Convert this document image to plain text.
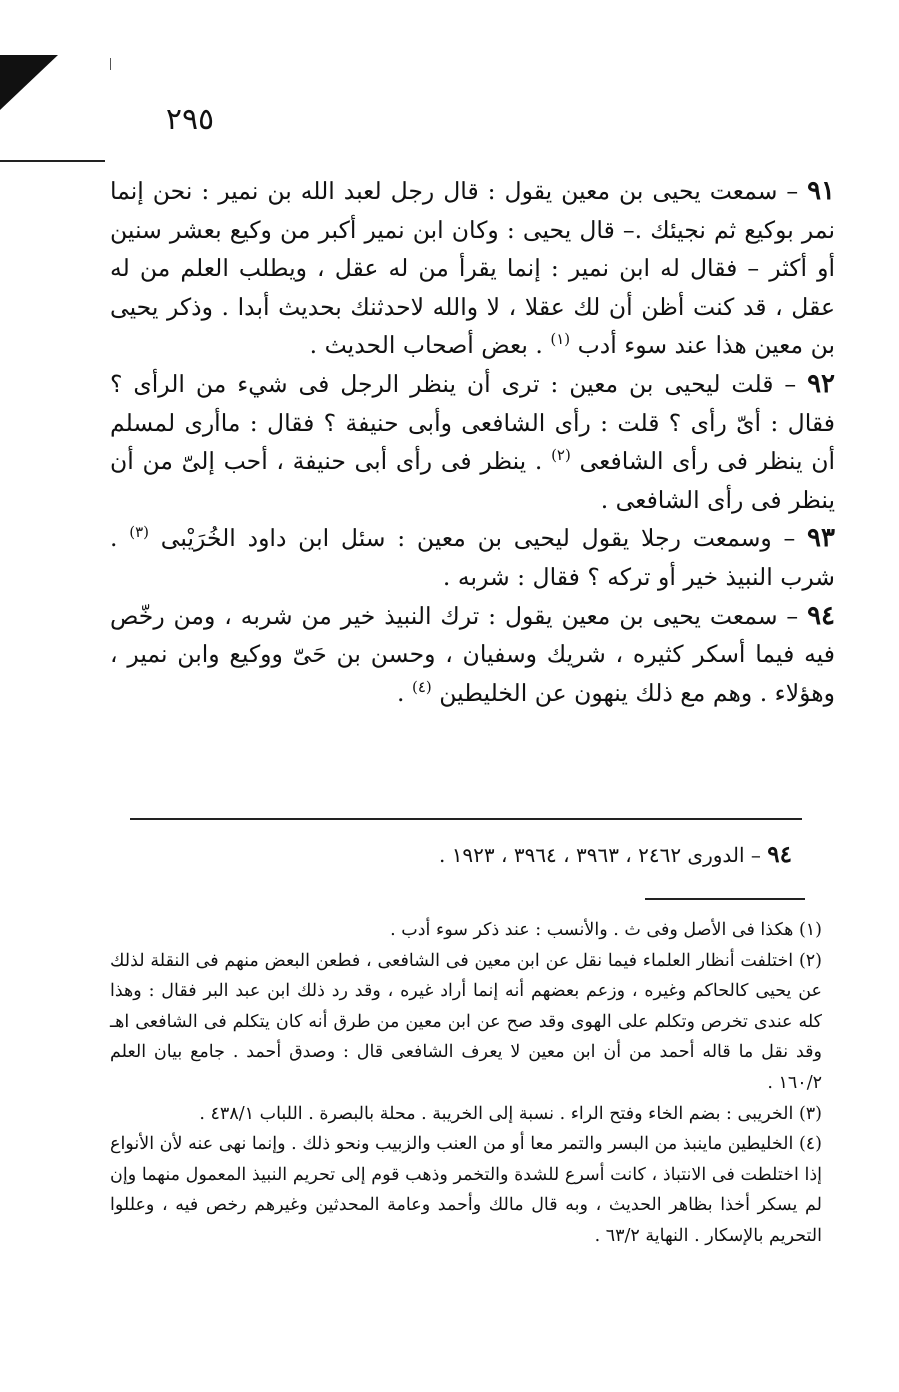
٢٩٥

٩١ – سمعت يحيى بن معين يقول : قال رجل لعبد الله بن نمير : نحن إنما نمر بوكيع ثم نجيئك .– قال يحيى : وكان ابن نمير أكبر من وكيع بعشر سنين أو أكثر – فقال له ابن نمير : إنما يقرأ من له عقل ، ويطلب العلم من له عقل ، قد كنت أظن أن لك عقلا ، لا والله لاحدثنك بحديث أبدا . وذكر يحيى بن معين هذا عند سوء أدب $^{(١)}$ . بعض أصحاب الحديث .

٩٢ – قلت ليحيى بن معين : ترى أن ينظر الرجل فى شيء من الرأى ؟ فقال : أىّ رأى ؟ قلت : رأى الشافعى وأبى حنيفة ؟ فقال : ماأرى لمسلم أن ينظر فى رأى الشافعى $^{(٢)}$ . ينظر فى رأى أبى حنيفة ، أحب إلىّ من أن ينظر فى رأى الشافعى .

٩٣ – وسمعت رجلا يقول ليحيى بن معين : سئل ابن داود الخُرَيْبى $^{(٣)}$ . شرب النبيذ خير أو تركه ؟ فقال : شربه .

٩٤ – سمعت يحيى بن معين يقول : ترك النبيذ خير من شربه ، ومن رخّص فيه فيما أسكر كثيره ، شريك وسفيان ، وحسن بن حَىّ ووكيع وابن نمير ، وهؤلاء . وهم مع ذلك ينهون عن الخليطين $^{(٤)}$ .

٩٤ – الدورى ٢٤٦٢ ، ٣٩٦٣ ، ٣٩٦٤ ، ١٩٢٣ .

(١) هكذا فى الأصل وفى ث . والأنسب : عند ذكر سوء أدب .

(٢) اختلفت أنظار العلماء فيما نقل عن ابن معين فى الشافعى ، فطعن البعض منهم فى النقلة لذلك عن يحيى كالحاكم وغيره ، وزعم بعضهم أنه إنما أراد غيره ، وقد رد ذلك ابن عبد البر فقال : وهذا كله عندى تخرص وتكلم على الهوى وقد صح عن ابن معين من طرق أنه كان يتكلم فى الشافعى اهـ وقد نقل ما قاله أحمد من أن ابن معين لا يعرف الشافعى قال : وصدق أحمد . جامع بيان العلم ١٦٠/٢ .

(٣) الخريبى : بضم الخاء وفتح الراء . نسبة إلى الخريبة . محلة بالبصرة . اللباب ٤٣٨/١ .

(٤) الخليطين ماينبذ من البسر والتمر معا أو من العنب والزبيب ونحو ذلك . وإنما نهى عنه لأن الأنواع إذا اختلطت فى الانتباذ ، كانت أسرع للشدة والتخمر وذهب قوم إلى تحريم النبيذ المعمول منهما وإن لم يسكر أخذا بظاهر الحديث ، وبه قال مالك وأحمد وعامة المحدثين وغيرهم رخص فيه ، وعللوا التحريم بالإسكار . النهاية ٦٣/٢ .
